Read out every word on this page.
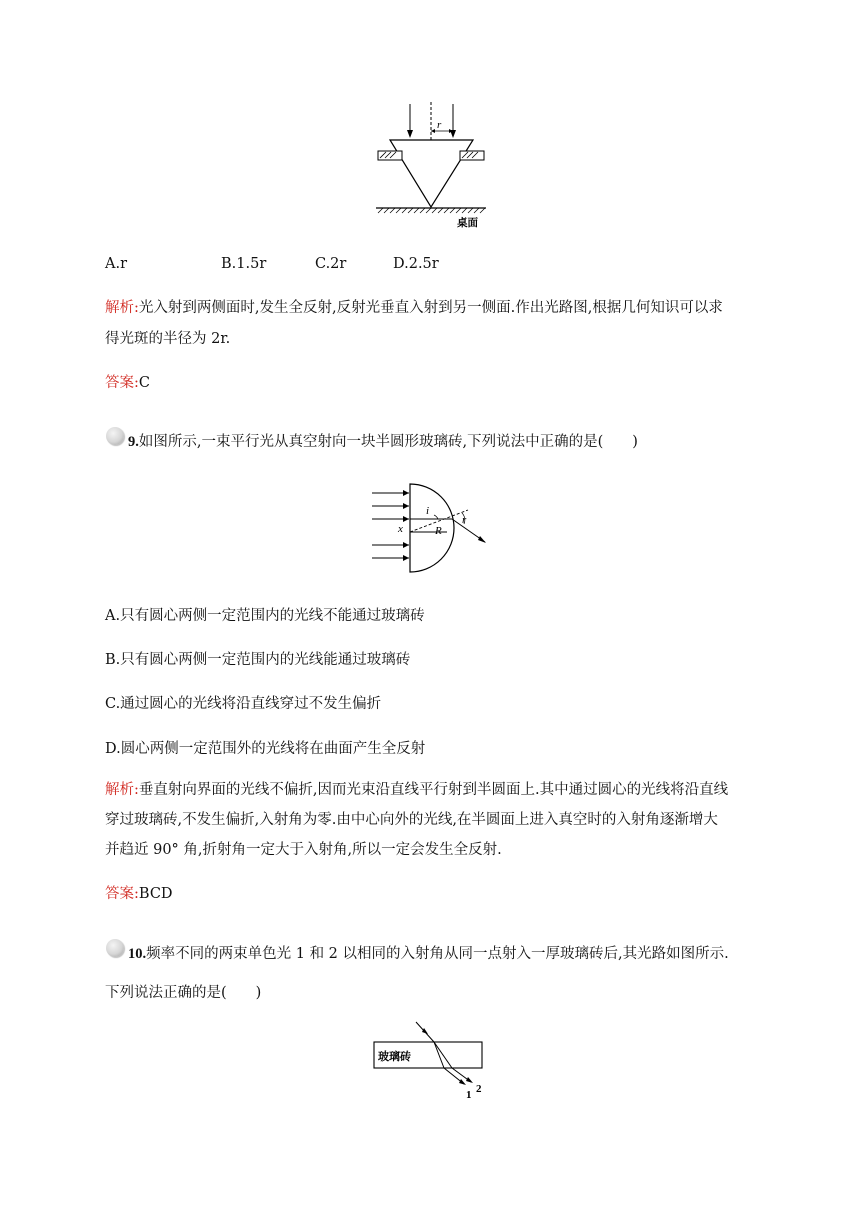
r
桌面
A.r	B.1.5r	C.2r	D.2.5r
解析:光入射到两侧面时,发生全反射,反射光垂直入射到另一侧面.作出光路图,根据几何知识可以求
得光斑的半径为 2r.
答案:C
9.如图所示,一束平行光从真空射向一块半圆形玻璃砖,下列说法中正确的是(　　)
i
r
R
x
A.只有圆心两侧一定范围内的光线不能通过玻璃砖
B.只有圆心两侧一定范围内的光线能通过玻璃砖
C.通过圆心的光线将沿直线穿过不发生偏折
D.圆心两侧一定范围外的光线将在曲面产生全反射
解析:垂直射向界面的光线不偏折,因而光束沿直线平行射到半圆面上.其中通过圆心的光线将沿直线
穿过玻璃砖,不发生偏折,入射角为零.由中心向外的光线,在半圆面上进入真空时的入射角逐渐增大
并趋近 90° 角,折射角一定大于入射角,所以一定会发生全反射.
答案:BCD
10.频率不同的两束单色光 1 和 2 以相同的入射角从同一点射入一厚玻璃砖后,其光路如图所示.
下列说法正确的是(　　)
玻璃砖
1 2
